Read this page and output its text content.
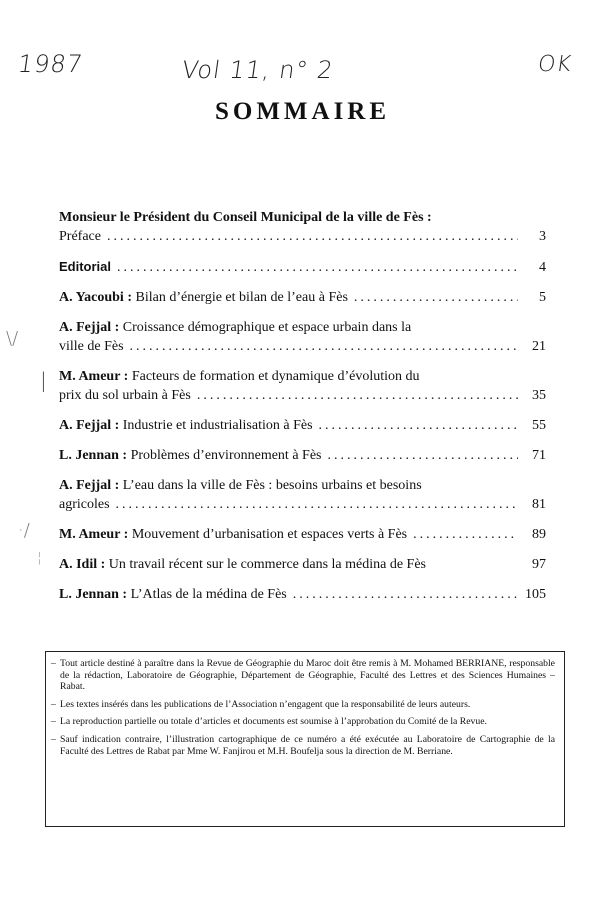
1987	Vol 11, n° 2	OK
\/
|
·/
¦
SOMMAIRE
Monsieur le Président du Conseil Municipal de la ville de Fès :
Préface .....	3
Editorial .....	4
A. Yacoubi :
Bilan d’énergie et bilan de l’eau à Fès .....	5
A. Fejjal :
Croissance démographique et espace urbain dans la
ville de Fès .....	21
M. Ameur :
Facteurs de formation et dynamique d’évolution du
prix du sol urbain à Fès .....	35
A. Fejjal :
Industrie et industrialisation à Fès .....	55
L. Jennan :
Problèmes d’environnement à Fès .....	71
A. Fejjal :
L’eau dans la ville de Fès : besoins urbains et besoins
agricoles .....	81
M. Ameur :
Mouvement d’urbanisation et espaces verts à Fès .....	89
A. Idil :
Un travail récent sur le commerce dans la médina de Fès	97
L. Jennan :
L’Atlas de la médina de Fès .....	105
– Tout article destiné à paraître dans la Revue de Géographie du Maroc doit être remis à M. Mohamed BERRIANE, responsable de la rédaction, Laboratoire de Géographie, Département de Géographie, Faculté des Lettres et des Sciences Humaines – Rabat.
– Les textes insérés dans les publications de l’Association n’engagent que la responsabilité de leurs auteurs.
– La reproduction partielle ou totale d’articles et documents est soumise à l’approbation du Comité de la Revue.
– Sauf indication contraire, l’illustration cartographique de ce numéro a été exécutée au Laboratoire de Cartographie de la Faculté des Lettres de Rabat par Mme W. Fanjirou et M.H. Boufelja sous la direction de M. Berriane.
